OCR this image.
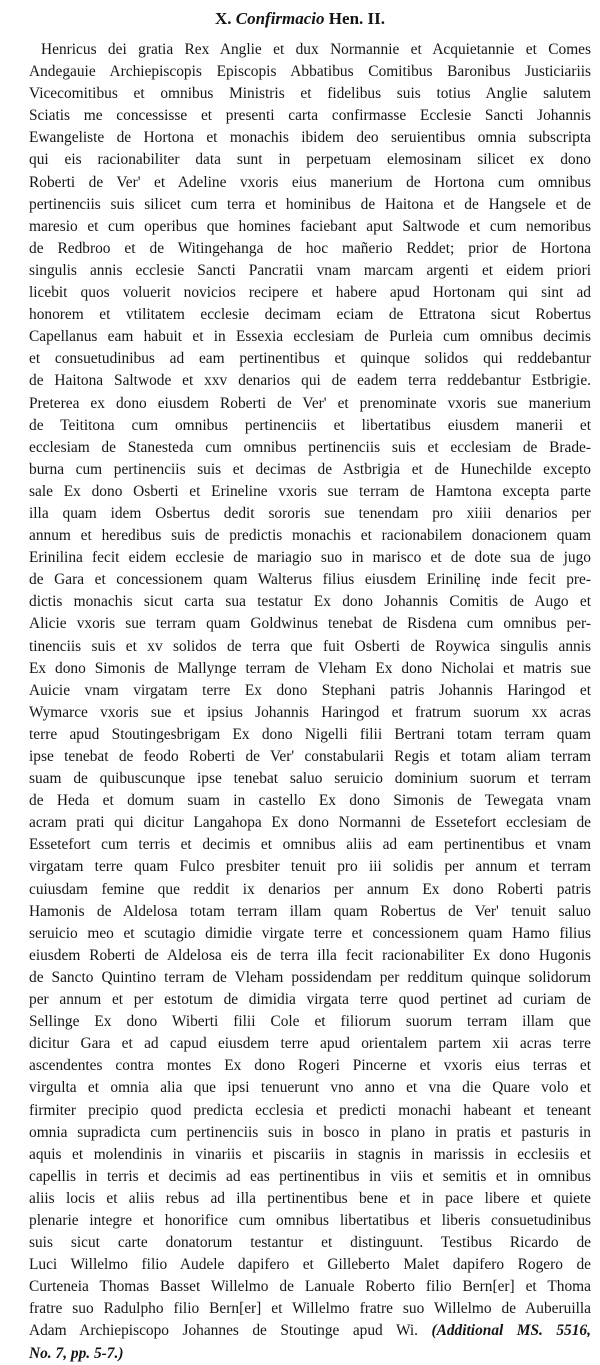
X. Confirmacio Hen. II.
Henricus dei gratia Rex Anglie et dux Normannie et Acquietannie et Comes
Andegauie Archiepiscopis Episcopis Abbatibus Comitibus Baronibus Justiciariis
Vicecomitibus et omnibus Ministris et fidelibus suis totius Anglie salutem
Sciatis me concessisse et presenti carta confirmasse Ecclesie Sancti Johannis
Ewangeliste de Hortona et monachis ibidem deo seruientibus omnia subscripta
qui eis racionabiliter data sunt in perpetuam elemosinam silicet ex dono
Roberti de Ver' et Adeline vxoris eius manerium de Hortona cum omnibus
pertinenciis suis silicet cum terra et hominibus de Haitona et de Hangsele et de
maresio et cum operibus que homines faciebant aput Saltwode et cum nemoribus
de Redbroo et de Witingehanga de hoc mañerio Reddet; prior de Hortona
singulis annis ecclesie Sancti Pancratii vnam marcam argenti et eidem priori
licebit quos voluerit novicios recipere et habere apud Hortonam qui sint ad
honorem et vtilitatem ecclesie decimam eciam de Ettratona sicut Robertus
Capellanus eam habuit et in Essexia ecclesiam de Purleia cum omnibus decimis
et consuetudinibus ad eam pertinentibus et quinque solidos qui reddebantur
de Haitona Saltwode et xxv denarios qui de eadem terra reddebantur Estbrigie.
Preterea ex dono eiusdem Roberti de Ver' et prenominate vxoris sue manerium
de Teititona cum omnibus pertinenciis et libertatibus eiusdem manerii et
ecclesiam de Stanesteda cum omnibus pertinenciis suis et ecclesiam de Brade-
burna cum pertinenciis suis et decimas de Astbrigia et de Hunechilde excepto
sale Ex dono Osberti et Erineline vxoris sue terram de Hamtona excepta parte
illa quam idem Osbertus dedit sororis sue tenendam pro xiiii denarios per
annum et heredibus suis de predictis monachis et racionabilem donacionem quam
Erinilina fecit eidem ecclesie de mariagio suo in marisco et de dote sua de jugo
de Gara et concessionem quam Walterus filius eiusdem Erinilinę inde fecit pre-
dictis monachis sicut carta sua testatur Ex dono Johannis Comitis de Augo et
Alicie vxoris sue terram quam Goldwinus tenebat de Risdena cum omnibus per-
tinenciis suis et xv solidos de terra que fuit Osberti de Roywica singulis annis
Ex dono Simonis de Mallynge terram de Vleham Ex dono Nicholai et matris sue
Auicie vnam virgatam terre Ex dono Stephani patris Johannis Haringod et
Wymarce vxoris sue et ipsius Johannis Haringod et fratrum suorum xx acras
terre apud Stoutingesbrigam Ex dono Nigelli filii Bertrani totam terram quam
ipse tenebat de feodo Roberti de Ver' constabularii Regis et totam aliam terram
suam de quibuscunque ipse tenebat saluo seruicio dominium suorum et terram
de Heda et domum suam in castello Ex dono Simonis de Tewegata vnam
acram prati qui dicitur Langahopa Ex dono Normanni de Essetefort ecclesiam de
Essetefort cum terris et decimis et omnibus aliis ad eam pertinentibus et vnam
virgatam terre quam Fulco presbiter tenuit pro iii solidis per annum et terram
cuiusdam femine que reddit ix denarios per annum Ex dono Roberti patris
Hamonis de Aldelosa totam terram illam quam Robertus de Ver' tenuit saluo
seruicio meo et scutagio dimidie virgate terre et concessionem quam Hamo filius
eiusdem Roberti de Aldelosa eis de terra illa fecit racionabiliter Ex dono Hugonis
de Sancto Quintino terram de Vleham possidendam per redditum quinque solidorum
per annum et per estotum de dimidia virgata terre quod pertinet ad curiam de
Sellinge Ex dono Wiberti filii Cole et filiorum suorum terram illam que
dicitur Gara et ad capud eiusdem terre apud orientalem partem xii acras terre
ascendentes contra montes Ex dono Rogeri Pincerne et vxoris eius terras et
virgulta et omnia alia que ipsi tenuerunt vno anno et vna die Quare volo et
firmiter precipio quod predicta ecclesia et predicti monachi habeant et teneant
omnia supradicta cum pertinenciis suis in bosco in plano in pratis et pasturis in
aquis et molendinis in vinariis et piscariis in stagnis in marissis in ecclesiis et
capellis in terris et decimis ad eas pertinentibus in viis et semitis et in omnibus
aliis locis et aliis rebus ad illa pertinentibus bene et in pace libere et quiete
plenarie integre et honorifice cum omnibus libertatibus et liberis consuetudinibus
suis sicut carte donatorum testantur et distinguunt. Testibus Ricardo de
Luci Willelmo filio Audele dapifero et Gilleberto Malet dapifero Rogero de
Curteneia Thomas Basset Willelmo de Lanuale Roberto filio Bern[er] et Thoma
fratre suo Radulpho filio Bern[er] et Willelmo fratre suo Willelmo de Auberuilla
Adam Archiepiscopo Johannes de Stoutinge apud Wi. (Additional MS. 5516,
No. 7, pp. 5-7.)
